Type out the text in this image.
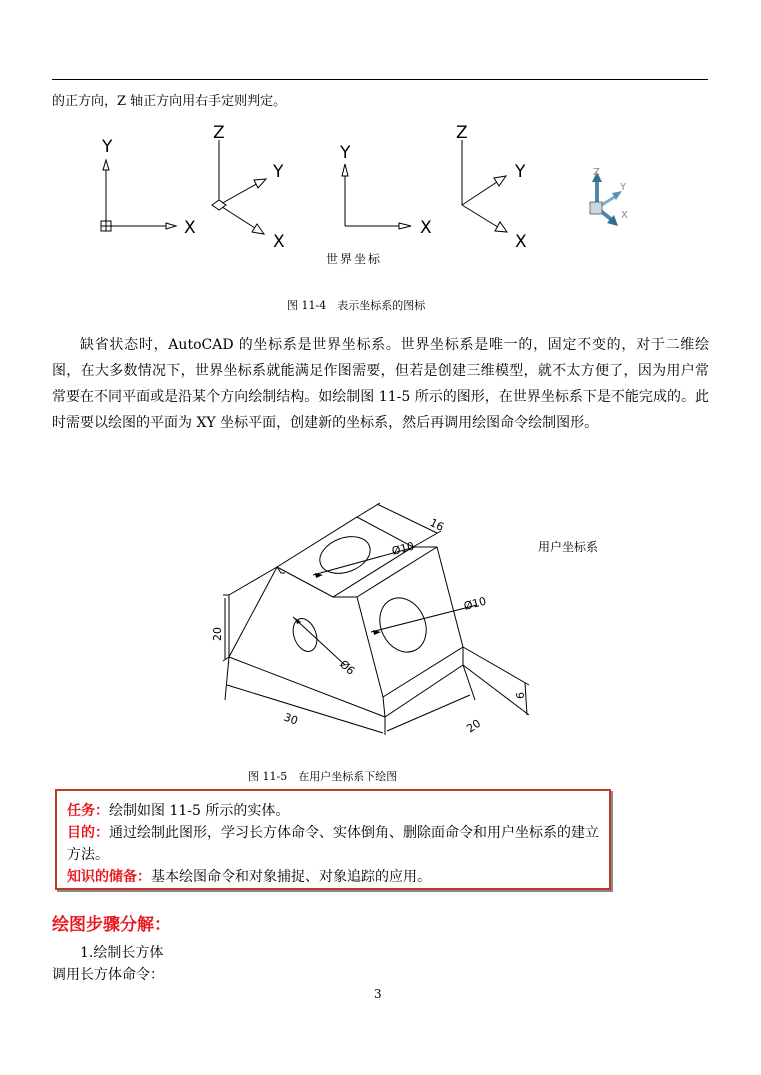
的正方向，Z 轴正方向用右手定则判定。
Y
X
Z
Y
X
Y
X
Z
Y
X
Z
Y
X
世界坐标
图 11-4　表示坐标系的图标
缺省状态时，AutoCAD 的坐标系是世界坐标系。世界坐标系是唯一的，固定不变的，对于二维绘图，在大多数情况下，世界坐标系就能满足作图需要，但若是创建三维模型，就不太方便了，因为用户常常要在不同平面或是沿某个方向绘制结构。如绘制图 11-5 所示的图形，在世界坐标系下是不能完成的。此时需要以绘图的平面为 XY 坐标平面，创建新的坐标系，然后再调用绘图命令绘制图形。
16
Ø10
Ø10
Ø6
20
30	20
6
用户坐标系
图 11-5　在用户坐标系下绘图
任务：绘制如图 11-5 所示的实体。
目的：通过绘制此图形，学习长方体命令、实体倒角、删除面命令和用户坐标系的建立方法。
知识的储备：基本绘图命令和对象捕捉、对象追踪的应用。
绘图步骤分解：
1.绘制长方体
调用长方体命令：
3
